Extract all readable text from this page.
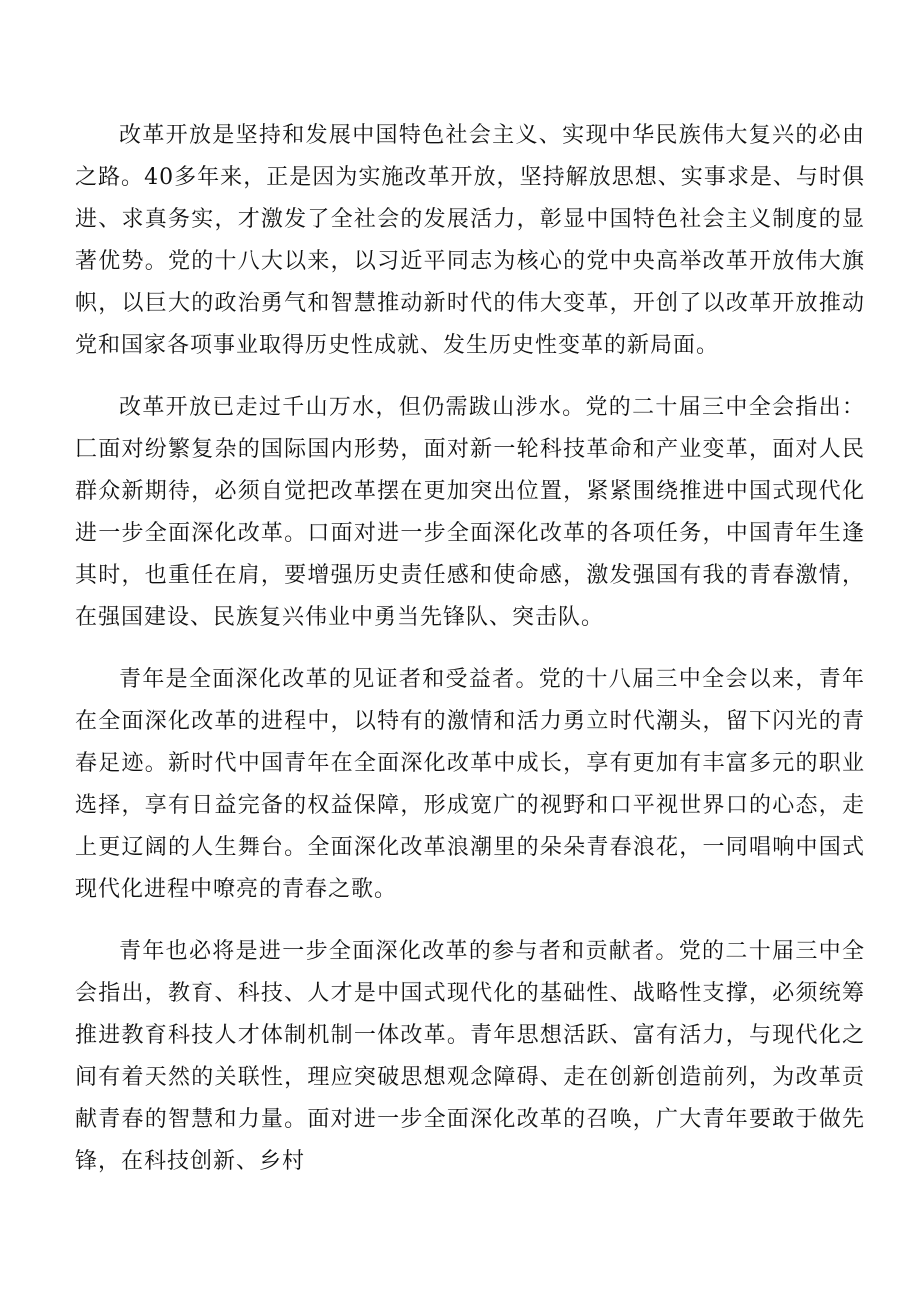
改革开放是坚持和发展中国特色社会主义、实现中华民族伟大复兴的必由之路。40多年来，正是因为实施改革开放，坚持解放思想、实事求是、与时俱进、求真务实，才激发了全社会的发展活力，彰显中国特色社会主义制度的显著优势。党的十八大以来，以习近平同志为核心的党中央高举改革开放伟大旗帜，以巨大的政治勇气和智慧推动新时代的伟大变革，开创了以改革开放推动党和国家各项事业取得历史性成就、发生历史性变革的新局面。

改革开放已走过千山万水，但仍需跋山涉水。党的二十届三中全会指出：匚面对纷繁复杂的国际国内形势，面对新一轮科技革命和产业变革，面对人民群众新期待，必须自觉把改革摆在更加突出位置，紧紧围绕推进中国式现代化进一步全面深化改革。口面对进一步全面深化改革的各项任务，中国青年生逢其时，也重任在肩，要增强历史责任感和使命感，激发强国有我的青春激情，在强国建设、民族复兴伟业中勇当先锋队、突击队。

青年是全面深化改革的见证者和受益者。党的十八届三中全会以来，青年在全面深化改革的进程中，以特有的激情和活力勇立时代潮头，留下闪光的青春足迹。新时代中国青年在全面深化改革中成长，享有更加有丰富多元的职业选择，享有日益完备的权益保障，形成宽广的视野和口平视世界口的心态，走上更辽阔的人生舞台。全面深化改革浪潮里的朵朵青春浪花，一同唱响中国式现代化进程中嘹亮的青春之歌。

青年也必将是进一步全面深化改革的参与者和贡献者。党的二十届三中全会指出，教育、科技、人才是中国式现代化的基础性、战略性支撑，必须统筹推进教育科技人才体制机制一体改革。青年思想活跃、富有活力，与现代化之间有着天然的关联性，理应突破思想观念障碍、走在创新创造前列，为改革贡献青春的智慧和力量。面对进一步全面深化改革的召唤，广大青年要敢于做先锋，在科技创新、乡村
